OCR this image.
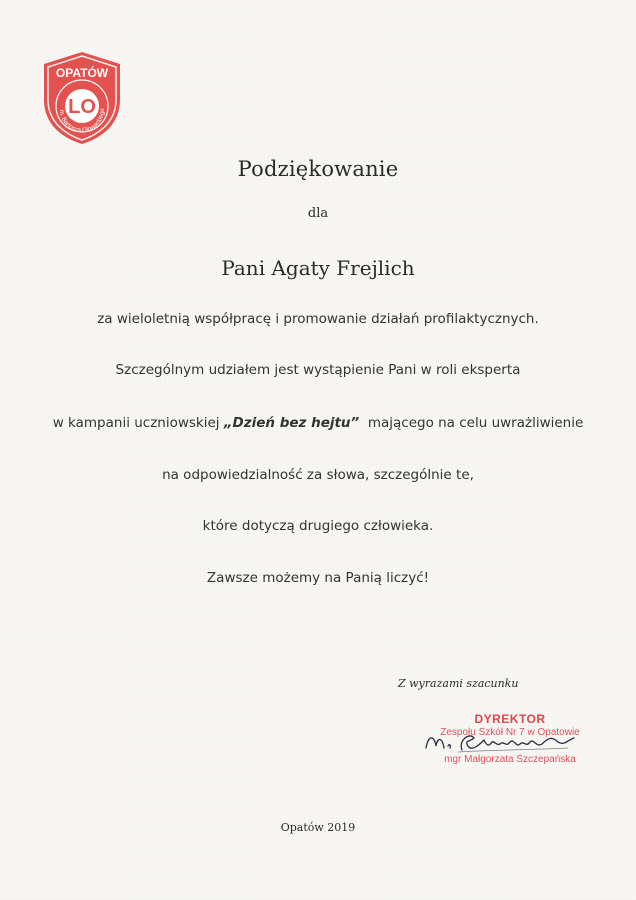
OPATÓW
LO
m. Bartosza Głowackiego
Podziękowanie
dla
Pani Agaty Frejlich
za wieloletnią współpracę i promowanie działań profilaktycznych.
Szczególnym udziałem jest wystąpienie Pani w roli eksperta
w kampanii uczniowskiej „Dzień bez hejtu”  mającego na celu uwrażliwienie
na odpowiedzialność za słowa, szczególnie te,
które dotyczą drugiego człowieka.
Zawsze możemy na Panią liczyć!
Z wyrazami szacunku
DYREKTOR
Zespołu Szkół Nr 7 w Opatowie
mgr Małgorzata Szczepańska
Opatów 2019
